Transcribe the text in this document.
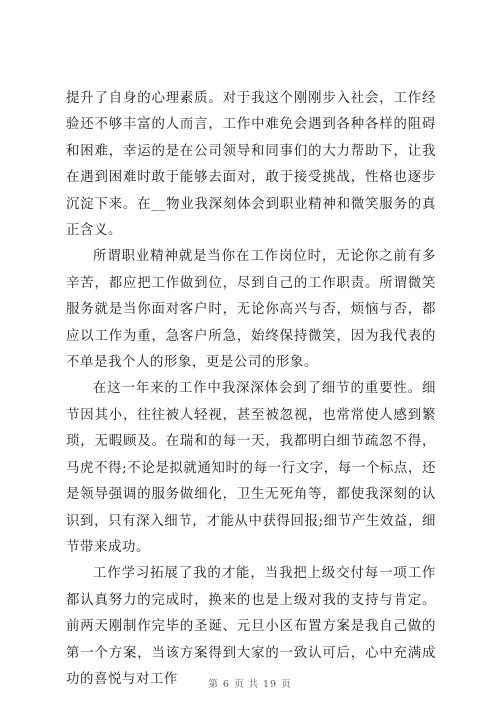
提升了自身的心理素质。对于我这个刚刚步入社会，工作经验还不够丰富的人而言，工作中难免会遇到各种各样的阻碍和困难，幸运的是在公司领导和同事们的大力帮助下，让我在遇到困难时敢于能够去面对，敢于接受挑战，性格也逐步沉淀下来。在__物业我深刻体会到职业精神和微笑服务的真正含义。

所谓职业精神就是当你在工作岗位时，无论你之前有多辛苦，都应把工作做到位，尽到自己的工作职责。所谓微笑服务就是当你面对客户时，无论你高兴与否，烦恼与否，都应以工作为重，急客户所急，始终保持微笑，因为我代表的不单是我个人的形象，更是公司的形象。

在这一年来的工作中我深深体会到了细节的重要性。细节因其小，往往被人轻视，甚至被忽视，也常常使人感到繁琐，无暇顾及。在瑞和的每一天，我都明白细节疏忽不得，马虎不得;不论是拟就通知时的每一行文字，每一个标点，还是领导强调的服务做细化，卫生无死角等，都使我深刻的认识到，只有深入细节，才能从中获得回报;细节产生效益，细节带来成功。

工作学习拓展了我的才能，当我把上级交付每一项工作都认真努力的完成时，换来的也是上级对我的支持与肯定。前两天刚制作完毕的圣诞、元旦小区布置方案是我自己做的第一个方案，当该方案得到大家的一致认可后，心中充满成功的喜悦与对工作	第 6 页 共 19 页
